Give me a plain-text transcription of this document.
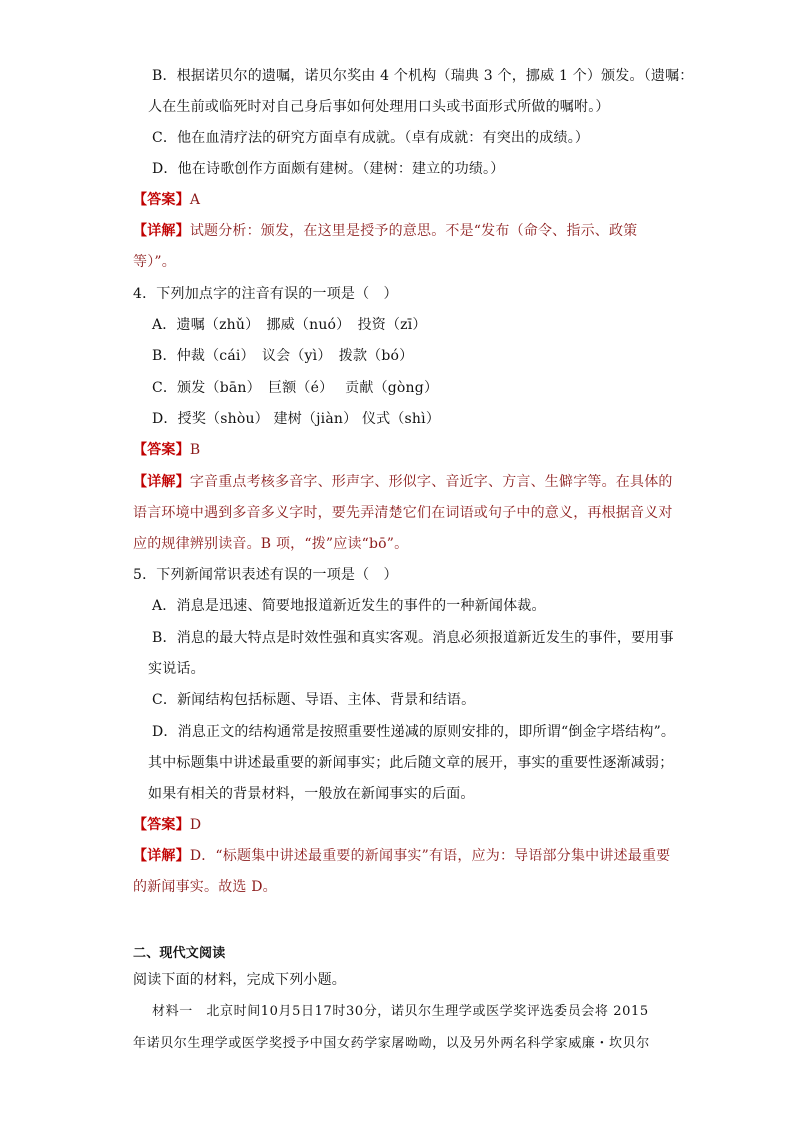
B．根据诺贝尔的遗嘱，诺贝尔奖由 4 个机构（瑞典 3 个，挪威 1 个）颁发。（遗嘱：
人在生前或临死时对自己身后事如何处理用口头或书面形式所做的嘱咐。）
C．他在血清疗法的研究方面卓有成就。（卓有成就：有突出的成绩。）
D．他在诗歌创作方面颇有建树。（建树：建立的功绩。）
【答案】A
【详解】试题分析：颁发，在这里是授予的意思。不是“发布（命令、指示、政策
等）”。
4．下列加点字的注音有误的一项是（　）
A．遗嘱（zhǔ）　挪威（nuó）　投资（zī）
B．仲裁（cái）　议会（yì）　拨款（bó）
C．颁发（bān）　巨额（é）　 贡献（gòng）
D．授奖（shòu） 建树（jiàn） 仪式（shì）
【答案】B
【详解】字音重点考核多音字、形声字、形似字、音近字、方言、生僻字等。在具体的
语言环境中遇到多音多义字时，要先弄清楚它们在词语或句子中的意义，再根据音义对
应的规律辨别读音。B 项，“拨”应读“bō”。
5．下列新闻常识表述有误的一项是（　）
A．消息是迅速、简要地报道新近发生的事件的一种新闻体裁。
B．消息的最大特点是时效性强和真实客观。消息必须报道新近发生的事件，要用事
实说话。
C．新闻结构包括标题、导语、主体、背景和结语。
D．消息正文的结构通常是按照重要性递减的原则安排的，即所谓“倒金字塔结构”。
其中标题集中讲述最重要的新闻事实；此后随文章的展开，事实的重要性逐渐减弱；
如果有相关的背景材料，一般放在新闻事实的后面。
【答案】D
【详解】D．“标题集中讲述最重要的新闻事实”有语，应为：导语部分集中讲述最重要
的新闻事实。故选 D。
二、现代文阅读
阅读下面的材料，完成下列小题。
材料一　北京时间10月5日17时30分，诺贝尔生理学或医学奖评选委员会将 2015
年诺贝尔生理学或医学奖授予中国女药学家屠呦呦，以及另外两名科学家威廉・坎贝尔
